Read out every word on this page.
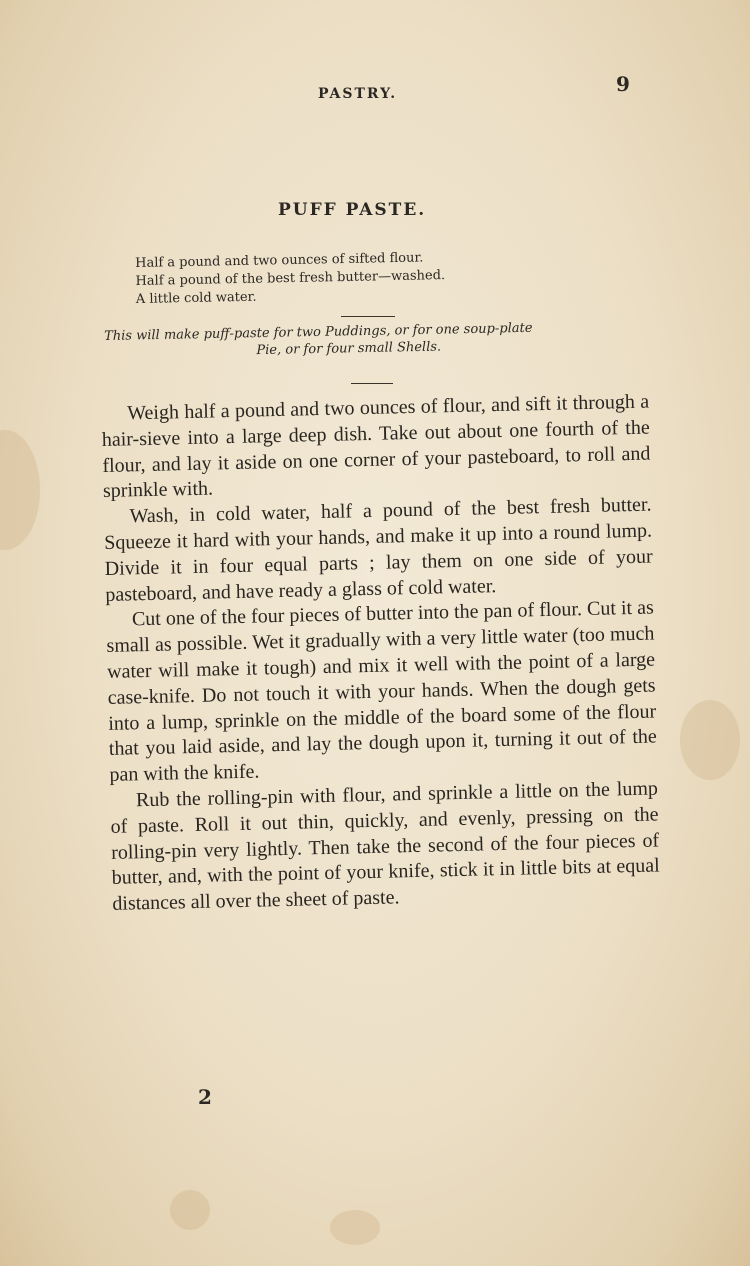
PASTRY.	9
PUFF PASTE.
Half a pound and two ounces of sifted flour.
Half a pound of the best fresh butter—washed.
A little cold water.
This will make puff-paste for two Puddings, or for one soup-plate
Pie, or for four small Shells.

Weigh half a pound and two ounces of flour, and sift it through a hair-sieve into a large deep dish. Take out about one fourth of the flour, and lay it aside on one corner of your pasteboard, to roll and sprinkle with.

Wash, in cold water, half a pound of the best fresh butter. Squeeze it hard with your hands, and make it up into a round lump. Divide it in four equal parts ; lay them on one side of your pasteboard, and have ready a glass of cold water.

Cut one of the four pieces of butter into the pan of flour. Cut it as small as possible. Wet it gradually with a very little water (too much water will make it tough) and mix it well with the point of a large case-knife. Do not touch it with your hands. When the dough gets into a lump, sprinkle on the middle of the board some of the flour that you laid aside, and lay the dough upon it, turning it out of the pan with the knife.

Rub the rolling-pin with flour, and sprinkle a little on the lump of paste. Roll it out thin, quickly, and evenly, pressing on the rolling-pin very lightly. Then take the second of the four pieces of butter, and, with the point of your knife, stick it in little bits at equal distances all over the sheet of paste.

2
